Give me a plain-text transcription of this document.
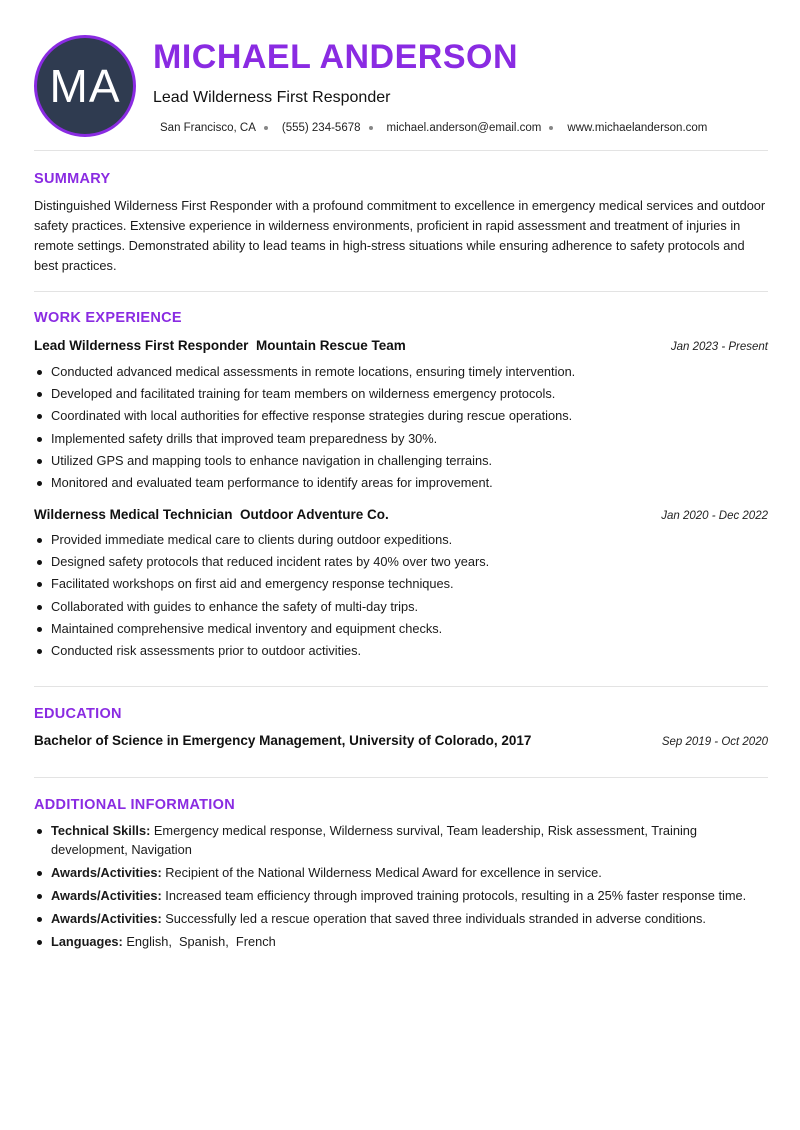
MA
MICHAEL ANDERSON
Lead Wilderness First Responder
San Francisco, CA (555) 234-5678 michael.anderson@email.com www.michaelanderson.com
SUMMARY

Distinguished Wilderness First Responder with a profound commitment to excellence in emergency medical services and outdoor safety practices. Extensive experience in wilderness environments, proficient in rapid assessment and treatment of injuries in remote settings. Demonstrated ability to lead teams in high-stress situations while ensuring adherence to safety protocols and best practices.

WORK EXPERIENCE
Lead Wilderness First Responder Mountain Rescue Team	Jan 2023 - Present
Conducted advanced medical assessments in remote locations, ensuring timely intervention.
Developed and facilitated training for team members on wilderness emergency protocols.
Coordinated with local authorities for effective response strategies during rescue operations.
Implemented safety drills that improved team preparedness by 30%.
Utilized GPS and mapping tools to enhance navigation in challenging terrains.
Monitored and evaluated team performance to identify areas for improvement.
Wilderness Medical Technician Outdoor Adventure Co.	Jan 2020 - Dec 2022
Provided immediate medical care to clients during outdoor expeditions.
Designed safety protocols that reduced incident rates by 40% over two years.
Facilitated workshops on first aid and emergency response techniques.
Collaborated with guides to enhance the safety of multi-day trips.
Maintained comprehensive medical inventory and equipment checks.
Conducted risk assessments prior to outdoor activities.
EDUCATION
Bachelor of Science in Emergency Management, University of Colorado, 2017	Sep 2019 - Oct 2020
ADDITIONAL INFORMATION
Technical Skills: Emergency medical response, Wilderness survival, Team leadership, Risk assessment, Training development, Navigation
Awards/Activities: Recipient of the National Wilderness Medical Award for excellence in service.
Awards/Activities: Increased team efficiency through improved training protocols, resulting in a 25% faster response time.
Awards/Activities: Successfully led a rescue operation that saved three individuals stranded in adverse conditions.
Languages: English,  Spanish,  French
